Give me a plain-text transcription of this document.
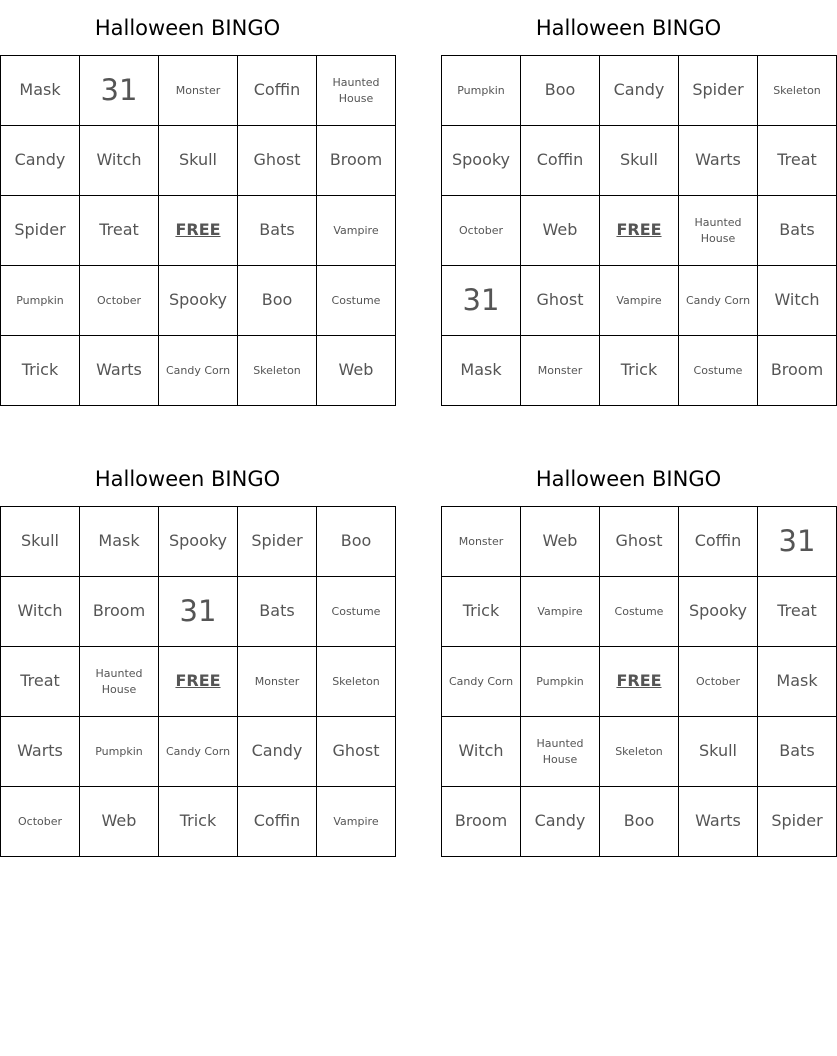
Halloween BINGO
Mask	31	Monster	Coffin	Haunted House
Candy	Witch	Skull	Ghost	Broom
Spider	Treat	FREE	Bats	Vampire
Pumpkin	October	Spooky	Boo	Costume
Trick	Warts	Candy Corn	Skeleton	Web
Halloween BINGO
Pumpkin	Boo	Candy	Spider	Skeleton
Spooky	Coffin	Skull	Warts	Treat
October	Web	FREE	Haunted House	Bats
31	Ghost	Vampire	Candy Corn	Witch
Mask	Monster	Trick	Costume	Broom
Halloween BINGO
Skull	Mask	Spooky	Spider	Boo
Witch	Broom	31	Bats	Costume
Treat	Haunted House	FREE	Monster	Skeleton
Warts	Pumpkin	Candy Corn	Candy	Ghost
October	Web	Trick	Coffin	Vampire
Halloween BINGO
Monster	Web	Ghost	Coffin	31
Trick	Vampire	Costume	Spooky	Treat
Candy Corn	Pumpkin	FREE	October	Mask
Witch	Haunted House	Skeleton	Skull	Bats
Broom	Candy	Boo	Warts	Spider
